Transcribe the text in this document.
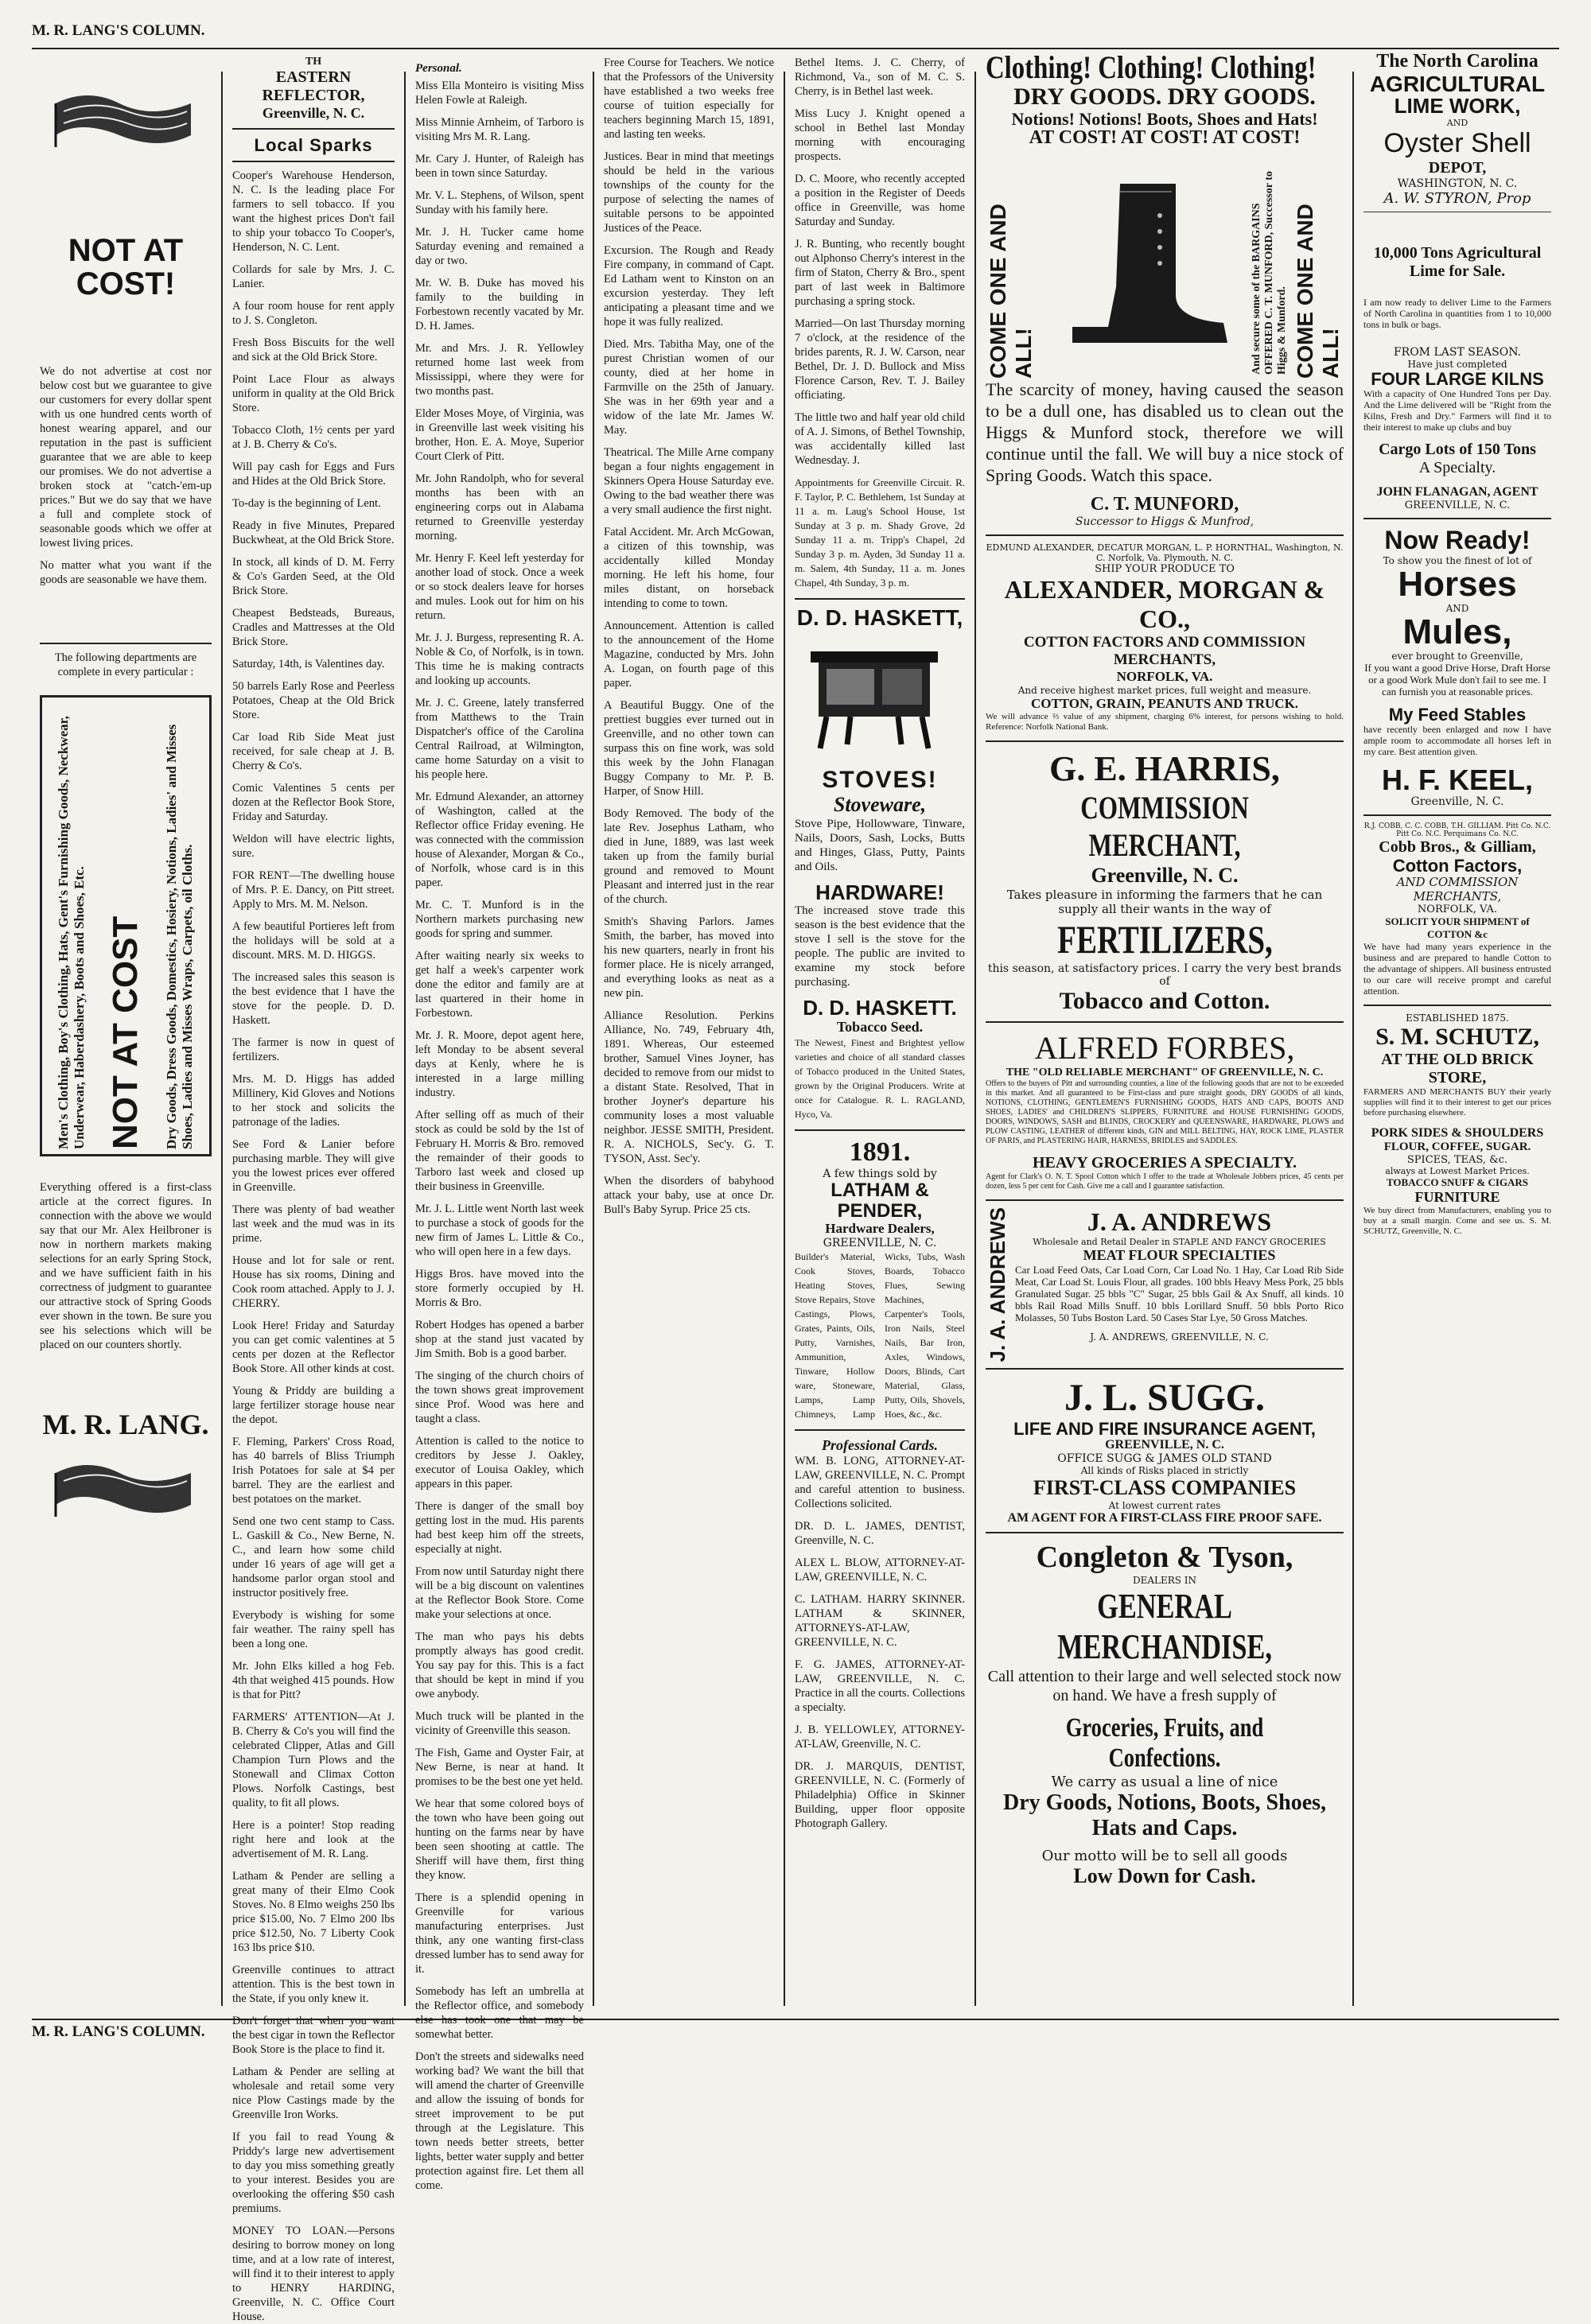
M. R. LANG'S COLUMN.
M. R. LANG'S COLUMN.
NOT AT COST!

We do not advertise at cost nor below cost but we guarantee to give our customers for every dollar spent with us one hundred cents worth of honest wearing apparel, and our reputation in the past is sufficient guarantee that we are able to keep our promises. We do not advertise a broken stock at "catch-'em-up prices." But we do say that we have a full and complete stock of seasonable goods which we offer at lowest living prices.

No matter what you want if the goods are seasonable we have them.

The following departments are complete in every particular :

Men's Clothing, Boy's Clothing, Hats, Gent's Furnishing Goods, Neckwear, Underwear, Haberdashery, Boots and Shoes, Etc. NOT AT COST Dry Goods, Dress Goods, Domestics, Hosiery, Notions, Ladies' and Misses Shoes, Ladies and Misses Wraps, Carpets, oil Cloths.

Everything offered is a first-class article at the correct figures. In connection with the above we would say that our Mr. Alex Heilbroner is now in northern markets making selections for an early Spring Stock, and we have sufficient faith in his correctness of judgment to guarantee our attractive stock of Spring Goods ever shown in the town. Be sure you see his selections which will be placed on our counters shortly.

M. R. LANG.
TH
EASTERN REFLECTOR,
Greenville, N. C.
Local Sparks

Cooper's Warehouse Henderson, N. C. Is the leading place For farmers to sell tobacco. If you want the highest prices Don't fail to ship your tobacco To Cooper's, Henderson, N. C. Lent.

Collards for sale by Mrs. J. C. Lanier.

A four room house for rent apply to J. S. Congleton.

Fresh Boss Biscuits for the well and sick at the Old Brick Store.

Point Lace Flour as always uniform in quality at the Old Brick Store.

Tobacco Cloth, 1½ cents per yard at J. B. Cherry & Co's.

Will pay cash for Eggs and Furs and Hides at the Old Brick Store.

To-day is the beginning of Lent.

Ready in five Minutes, Prepared Buckwheat, at the Old Brick Store.

In stock, all kinds of D. M. Ferry & Co's Garden Seed, at the Old Brick Store.

Cheapest Bedsteads, Bureaus, Cradles and Mattresses at the Old Brick Store.

Saturday, 14th, is Valentines day.

50 barrels Early Rose and Peerless Potatoes, Cheap at the Old Brick Store.

Car load Rib Side Meat just received, for sale cheap at J. B. Cherry & Co's.

Comic Valentines 5 cents per dozen at the Reflector Book Store, Friday and Saturday.

Weldon will have electric lights, sure.

FOR RENT—The dwelling house of Mrs. P. E. Dancy, on Pitt street. Apply to Mrs. M. M. Nelson.

A few beautiful Portieres left from the holidays will be sold at a discount. MRS. M. D. HIGGS.

The increased sales this season is the best evidence that I have the stove for the people. D. D. Haskett.

The farmer is now in quest of fertilizers.

Mrs. M. D. Higgs has added Millinery, Kid Gloves and Notions to her stock and solicits the patronage of the ladies.

See Ford & Lanier before purchasing marble. They will give you the lowest prices ever offered in Greenville.

There was plenty of bad weather last week and the mud was in its prime.

House and lot for sale or rent. House has six rooms, Dining and Cook room attached. Apply to J. J. CHERRY.

Look Here! Friday and Saturday you can get comic valentines at 5 cents per dozen at the Reflector Book Store. All other kinds at cost.

Young & Priddy are building a large fertilizer storage house near the depot.

F. Fleming, Parkers' Cross Road, has 40 barrels of Bliss Triumph Irish Potatoes for sale at $4 per barrel. They are the earliest and best potatoes on the market.

Send one two cent stamp to Cass. L. Gaskill & Co., New Berne, N. C., and learn how some child under 16 years of age will get a handsome parlor organ stool and instructor positively free.

Everybody is wishing for some fair weather. The rainy spell has been a long one.

Mr. John Elks killed a hog Feb. 4th that weighed 415 pounds. How is that for Pitt?

FARMERS' ATTENTION—At J. B. Cherry & Co's you will find the celebrated Clipper, Atlas and Gill Champion Turn Plows and the Stonewall and Climax Cotton Plows. Norfolk Castings, best quality, to fit all plows.

Here is a pointer! Stop reading right here and look at the advertisement of M. R. Lang.

Latham & Pender are selling a great many of their Elmo Cook Stoves. No. 8 Elmo weighs 250 lbs price $15.00, No. 7 Elmo 200 lbs price $12.50, No. 7 Liberty Cook 163 lbs price $10.

Greenville continues to attract attention. This is the best town in the State, if you only knew it.

Don't forget that when you want the best cigar in town the Reflector Book Store is the place to find it.

Latham & Pender are selling at wholesale and retail some very nice Plow Castings made by the Greenville Iron Works.

If you fail to read Young & Priddy's large new advertisement to day you miss something greatly to your interest. Besides you are overlooking the offering $50 cash premiums.

MONEY TO LOAN.—Persons desiring to borrow money on long time, and at a low rate of interest, will find it to their interest to apply to HENRY HARDING, Greenville, N. C. Office Court House.

Personal.

Miss Ella Monteiro is visiting Miss Helen Fowle at Raleigh.

Miss Minnie Arnheim, of Tarboro is visiting Mrs M. R. Lang.

Mr. Cary J. Hunter, of Raleigh has been in town since Saturday.

Mr. V. L. Stephens, of Wilson, spent Sunday with his family here.

Mr. J. H. Tucker came home Saturday evening and remained a day or two.

Mr. W. B. Duke has moved his family to the building in Forbestown recently vacated by Mr. D. H. James.

Mr. and Mrs. J. R. Yellowley returned home last week from Mississippi, where they were for two months past.

Elder Moses Moye, of Virginia, was in Greenville last week visiting his brother, Hon. E. A. Moye, Superior Court Clerk of Pitt.

Mr. John Randolph, who for several months has been with an engineering corps out in Alabama returned to Greenville yesterday morning.

Mr. Henry F. Keel left yesterday for another load of stock. Once a week or so stock dealers leave for horses and mules. Look out for him on his return.

Mr. J. J. Burgess, representing R. A. Noble & Co, of Norfolk, is in town. This time he is making contracts and looking up accounts.

Mr. J. C. Greene, lately transferred from Matthews to the Train Dispatcher's office of the Carolina Central Railroad, at Wilmington, came home Saturday on a visit to his people here.

Mr. Edmund Alexander, an attorney of Washington, called at the Reflector office Friday evening. He was connected with the commission house of Alexander, Morgan & Co., of Norfolk, whose card is in this paper.

Mr. C. T. Munford is in the Northern markets purchasing new goods for spring and summer.

After waiting nearly six weeks to get half a week's carpenter work done the editor and family are at last quartered in their home in Forbestown.

Mr. J. R. Moore, depot agent here, left Monday to be absent several days at Kenly, where he is interested in a large milling industry.

After selling off as much of their stock as could be sold by the 1st of February H. Morris & Bro. removed the remainder of their goods to Tarboro last week and closed up their business in Greenville.

Mr. J. L. Little went North last week to purchase a stock of goods for the new firm of James L. Little & Co., who will open here in a few days.

Higgs Bros. have moved into the store formerly occupied by H. Morris & Bro.

Robert Hodges has opened a barber shop at the stand just vacated by Jim Smith. Bob is a good barber.

The singing of the church choirs of the town shows great improvement since Prof. Wood was here and taught a class.

Attention is called to the notice to creditors by Jesse J. Oakley, executor of Louisa Oakley, which appears in this paper.

There is danger of the small boy getting lost in the mud. His parents had best keep him off the streets, especially at night.

From now until Saturday night there will be a big discount on valentines at the Reflector Book Store. Come make your selections at once.

The man who pays his debts promptly always has good credit. You say pay for this. This is a fact that should be kept in mind if you owe anybody.

Much truck will be planted in the vicinity of Greenville this season.

The Fish, Game and Oyster Fair, at New Berne, is near at hand. It promises to be the best one yet held.

We hear that some colored boys of the town who have been going out hunting on the farms near by have been seen shooting at cattle. The Sheriff will have them, first thing they know.

There is a splendid opening in Greenville for various manufacturing enterprises. Just think, any one wanting first-class dressed lumber has to send away for it.

Somebody has left an umbrella at the Reflector office, and somebody else has took one that may be somewhat better.

Don't the streets and sidewalks need working bad? We want the bill that will amend the charter of Greenville and allow the issuing of bonds for street improvement to be put through at the Legislature. This town needs better streets, better lights, better water supply and better protection against fire. Let them all come.

Free Course for Teachers. We notice that the Professors of the University have established a two weeks free course of tuition especially for teachers beginning March 15, 1891, and lasting ten weeks.

Justices. Bear in mind that meetings should be held in the various townships of the county for the purpose of selecting the names of suitable persons to be appointed Justices of the Peace.

Excursion. The Rough and Ready Fire company, in command of Capt. Ed Latham went to Kinston on an excursion yesterday. They left anticipating a pleasant time and we hope it was fully realized.

Died. Mrs. Tabitha May, one of the purest Christian women of our county, died at her home in Farmville on the 25th of January. She was in her 69th year and a widow of the late Mr. James W. May.

Theatrical. The Mille Arne company began a four nights engagement in Skinners Opera House Saturday eve. Owing to the bad weather there was a very small audience the first night.

Fatal Accident. Mr. Arch McGowan, a citizen of this township, was accidentally killed Monday morning. He left his home, four miles distant, on horseback intending to come to town.

Announcement. Attention is called to the announcement of the Home Magazine, conducted by Mrs. John A. Logan, on fourth page of this paper.

A Beautiful Buggy. One of the prettiest buggies ever turned out in Greenville, and no other town can surpass this on fine work, was sold this week by the John Flanagan Buggy Company to Mr. P. B. Harper, of Snow Hill.

Body Removed. The body of the late Rev. Josephus Latham, who died in June, 1889, was last week taken up from the family burial ground and removed to Mount Pleasant and interred just in the rear of the church.

Smith's Shaving Parlors. James Smith, the barber, has moved into his new quarters, nearly in front his former place. He is nicely arranged, and everything looks as neat as a new pin.

Alliance Resolution. Perkins Alliance, No. 749, February 4th, 1891. Whereas, Our esteemed brother, Samuel Vines Joyner, has decided to remove from our midst to a distant State. Resolved, That in brother Joyner's departure his community loses a most valuable neighbor. JESSE SMITH, President. R. A. NICHOLS, Sec'y. G. T. TYSON, Asst. Sec'y.

When the disorders of babyhood attack your baby, use at once Dr. Bull's Baby Syrup. Price 25 cts.

Bethel Items. J. C. Cherry, of Richmond, Va., son of M. C. S. Cherry, is in Bethel last week.

Miss Lucy J. Knight opened a school in Bethel last Monday morning with encouraging prospects.

D. C. Moore, who recently accepted a position in the Register of Deeds office in Greenville, was home Saturday and Sunday.

J. R. Bunting, who recently bought out Alphonso Cherry's interest in the firm of Staton, Cherry & Bro., spent part of last week in Baltimore purchasing a spring stock.

Married—On last Thursday morning 7 o'clock, at the residence of the brides parents, R. J. W. Carson, near Bethel, Dr. J. D. Bullock and Miss Florence Carson, Rev. T. J. Bailey officiating.

The little two and half year old child of A. J. Simons, of Bethel Township, was accidentally killed last Wednesday. J.

Appointments for Greenville Circuit. R. F. Taylor, P. C. Bethlehem, 1st Sunday at 11 a. m. Laug's School House, 1st Sunday at 3 p. m. Shady Grove, 2d Sunday 11 a. m. Tripp's Chapel, 2d Sunday 3 p. m. Ayden, 3d Sunday 11 a. m. Salem, 4th Sunday, 11 a. m. Jones Chapel, 4th Sunday, 3 p. m.

D. D. HASKETT,
STOVES!
Stoveware,

Stove Pipe, Hollowware, Tinware, Nails, Doors, Sash, Locks, Butts and Hinges, Glass, Putty, Paints and Oils.

HARDWARE!

The increased stove trade this season is the best evidence that the stove I sell is the stove for the people. The public are invited to examine my stock before purchasing.

D. D. HASKETT.
Tobacco Seed.

The Newest, Finest and Brightest yellow varieties and choice of all standard classes of Tobacco produced in the United States, grown by the Original Producers. Write at once for Catalogue. R. L. RAGLAND, Hyco, Va.

1891.
A few things sold by
LATHAM & PENDER,
Hardware Dealers,
GREENVILLE, N. C.

Builder's Material, Cook Stoves, Heating Stoves, Stove Repairs, Stove Castings, Plows, Grates, Paints, Oils, Putty, Varnishes, Ammunition, Tinware, Hollow ware, Stoneware, Lamps, Lamp Chimneys, Lamp Wicks, Tubs, Wash Boards, Tobacco Flues, Sewing Machines, Carpenter's Tools, Iron Nails, Steel Nails, Bar Iron, Axles, Windows, Doors, Blinds, Cart Material, Glass, Putty, Oils, Shovels, Hoes, &c., &c.

Professional Cards.

WM. B. LONG, ATTORNEY-AT-LAW, GREENVILLE, N. C. Prompt and careful attention to business. Collections solicited.

DR. D. L. JAMES, DENTIST, Greenville, N. C.

ALEX L. BLOW, ATTORNEY-AT-LAW, GREENVILLE, N. C.

C. LATHAM. HARRY SKINNER. LATHAM & SKINNER, ATTORNEYS-AT-LAW, GREENVILLE, N. C.

F. G. JAMES, ATTORNEY-AT-LAW, GREENVILLE, N. C. Practice in all the courts. Collections a specialty.

J. B. YELLOWLEY, ATTORNEY-AT-LAW, Greenville, N. C.

DR. J. MARQUIS, DENTIST, GREENVILLE, N. C. (Formerly of Philadelphia) Office in Skinner Building, upper floor opposite Photograph Gallery.

Clothing! Clothing! Clothing!
DRY GOODS. DRY GOODS.
Notions! Notions! Boots, Shoes and Hats!
AT COST! AT COST! AT COST!
COME ONE AND ALL!	And secure some of the BARGAINS OFFERED C. T. MUNFORD, Successor to Higgs & Munford. COME ONE AND ALL!

The scarcity of money, having caused the season to be a dull one, has disabled us to clean out the Higgs & Munford stock, therefore we will continue until the fall. We will buy a nice stock of Spring Goods. Watch this space.

C. T. MUNFORD,
Successor to Higgs & Munfrod,
EDMUND ALEXANDER, DECATUR MORGAN, L. P. HORNTHAL, Washington, N. C. Norfolk, Va. Plymouth, N. C.
SHIP YOUR PRODUCE TO
ALEXANDER, MORGAN & CO.,
COTTON FACTORS AND COMMISSION MERCHANTS,
NORFOLK, VA.
And receive highest market prices, full weight and measure.
COTTON, GRAIN, PEANUTS AND TRUCK.

We will advance ⅔ value of any shipment, charging 6% interest, for persons wishing to hold. Reference: Norfolk National Bank.

G. E. HARRIS,
COMMISSION MERCHANT,
Greenville, N. C.
Takes pleasure in informing the farmers that he can supply all their wants in the way of
FERTILIZERS,
this season, at satisfactory prices. I carry the very best brands of
Tobacco and Cotton.
ALFRED FORBES,
THE "OLD RELIABLE MERCHANT" OF GREENVILLE, N. C.

Offers to the buyers of Pitt and surrounding counties, a line of the following goods that are not to be exceeded in this market. And all guaranteed to be First-class and pure straight goods, DRY GOODS of all kinds, NOTIONS, CLOTHING, GENTLEMEN'S FURNISHING GOODS, HATS AND CAPS, BOOTS AND SHOES, LADIES' and CHILDREN'S SLIPPERS, FURNITURE and HOUSE FURNISHING GOODS, DOORS, WINDOWS, SASH and BLINDS, CROCKERY and QUEENSWARE, HARDWARE, PLOWS and PLOW CASTING, LEATHER of different kinds, GIN and MILL BELTING, HAY, ROCK LIME, PLASTER OF PARIS, and PLASTERING HAIR, HARNESS, BRIDLES and SADDLES.

HEAVY GROCERIES A SPECIALTY.

Agent for Clark's O. N. T. Spool Cotton which I offer to the trade at Wholesale Jobbers prices, 45 cents per dozen, less 5 per cent for Cash. Give me a call and I guarantee satisfaction.

J. A. ANDREWS	J. A. ANDREWS
Wholesale and Retail Dealer in STAPLE AND FANCY GROCERIES
MEAT FLOUR SPECIALTIES

Car Load Feed Oats, Car Load Corn, Car Load No. 1 Hay, Car Load Rib Side Meat, Car Load St. Louis Flour, all grades. 100 bbls Heavy Mess Pork, 25 bbls Granulated Sugar. 25 bbls "C" Sugar, 25 bbls Gail & Ax Snuff, all kinds. 10 bbls Rail Road Mills Snuff. 10 bbls Lorillard Snuff. 50 bbls Porto Rico Molasses, 50 Tubs Boston Lard. 50 Cases Star Lye, 50 Gross Matches.

J. A. ANDREWS, GREENVILLE, N. C.
J. L. SUGG.
LIFE AND FIRE INSURANCE AGENT,
GREENVILLE, N. C.
OFFICE SUGG & JAMES OLD STAND
All kinds of Risks placed in strictly
FIRST-CLASS COMPANIES
At lowest current rates
AM AGENT FOR A FIRST-CLASS FIRE PROOF SAFE.
Congleton & Tyson,
DEALERS IN
GENERAL MERCHANDISE,

Call attention to their large and well selected stock now on hand. We have a fresh supply of

Groceries, Fruits, and Confections.
We carry as usual a line of nice
Dry Goods, Notions, Boots, Shoes, Hats and Caps.
Our motto will be to sell all goods
Low Down for Cash.
The North Carolina
AGRICULTURAL
LIME WORK,
AND
Oyster Shell
DEPOT,
WASHINGTON, N. C.
A. W. STYRON, Prop
10,000 Tons Agricultural
Lime for Sale.

I am now ready to deliver Lime to the Farmers of North Carolina in quantities from 1 to 10,000 tons in bulk or bags.

FROM LAST SEASON.
Have just completed
FOUR LARGE KILNS

With a capacity of One Hundred Tons per Day. And the Lime delivered will be "Right from the Kilns, Fresh and Dry." Farmers will find it to their interest to make up clubs and buy

Cargo Lots of 150 Tons
A Specialty.
JOHN FLANAGAN, AGENT
GREENVILLE, N. C.
Now Ready!
To show you the finest of lot of
Horses
AND
Mules,
ever brought to Greenville,

If you want a good Drive Horse, Draft Horse or a good Work Mule don't fail to see me. I can furnish you at reasonable prices.

My Feed Stables

have recently been enlarged and now I have ample room to accommodate all horses left in my care. Best attention given.

H. F. KEEL,
Greenville, N. C.
R.J. COBB, C. C. COBB, T.H. GILLIAM. Pitt Co. N.C. Pitt Co. N.C. Perquimans Co. N.C.
Cobb Bros., & Gilliam,
Cotton Factors,
AND COMMISSION MERCHANTS,
NORFOLK, VA.
SOLICIT YOUR SHIPMENT of COTTON &c

We have had many years experience in the business and are prepared to handle Cotton to the advantage of shippers. All business entrusted to our care will receive prompt and careful attention.

ESTABLISHED 1875.
S. M. SCHUTZ,
AT THE OLD BRICK STORE,

FARMERS AND MERCHANTS BUY their yearly supplies will find it to their interest to get our prices before purchasing elsewhere.

PORK SIDES & SHOULDERS
FLOUR, COFFEE, SUGAR.
SPICES, TEAS, &c.
always at Lowest Market Prices.
TOBACCO SNUFF & CIGARS
FURNITURE

We buy direct from Manufacturers, enabling you to buy at a small margin. Come and see us. S. M. SCHUTZ, Greenville, N. C.
